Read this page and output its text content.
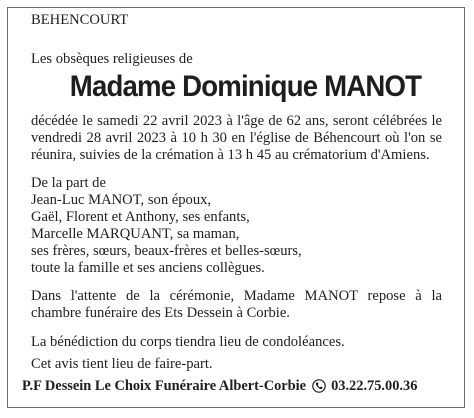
BEHENCOURT
Les obsèques religieuses de
Madame Dominique MANOT
décédée le samedi 22 avril 2023 à l'âge de 62 ans, seront célébrées le
vendredi 28 avril 2023 à 10 h 30 en l'église de Béhencourt où l'on se
réunira, suivies de la crémation à 13 h 45 au crématorium d'Amiens.
De la part de
Jean-Luc MANOT, son époux,
Gaël, Florent et Anthony, ses enfants,
Marcelle MARQUANT, sa maman,
ses frères, sœurs, beaux-frères et belles-sœurs,
toute la famille et ses anciens collègues.
Dans l'attente de la cérémonie, Madame MANOT repose à la
chambre funéraire des Ets Dessein à Corbie.
La bénédiction du corps tiendra lieu de condoléances.
Cet avis tient lieu de faire-part.
P.F Dessein Le Choix Funéraire Albert-Corbie 03.22.75.00.36
